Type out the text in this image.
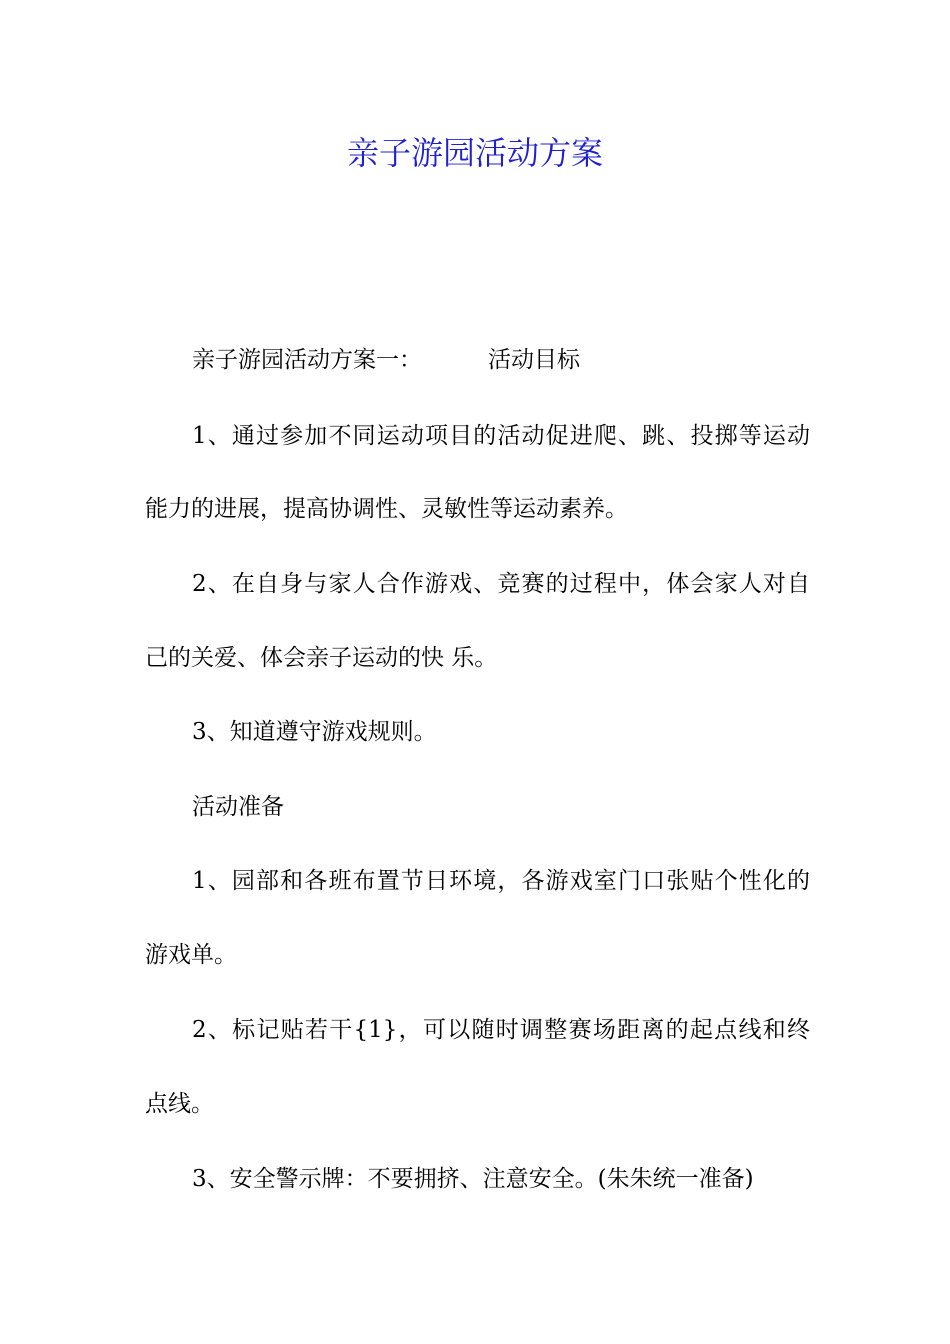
亲子游园活动方案

亲子游园活动方案一：	活动目标

1、通过参加不同运动项目的活动促进爬、跳、投掷等运动

能力的进展，提高协调性、灵敏性等运动素养。

2、在自身与家人合作游戏、竞赛的过程中，体会家人对自

己的关爱、体会亲子运动的快 乐。

3、知道遵守游戏规则。

活动准备

1、园部和各班布置节日环境，各游戏室门口张贴个性化的

游戏单。

2、标记贴若干{1}，可以随时调整赛场距离的起点线和终

点线。

3、安全警示牌：不要拥挤、注意安全。(朱朱统一准备)
